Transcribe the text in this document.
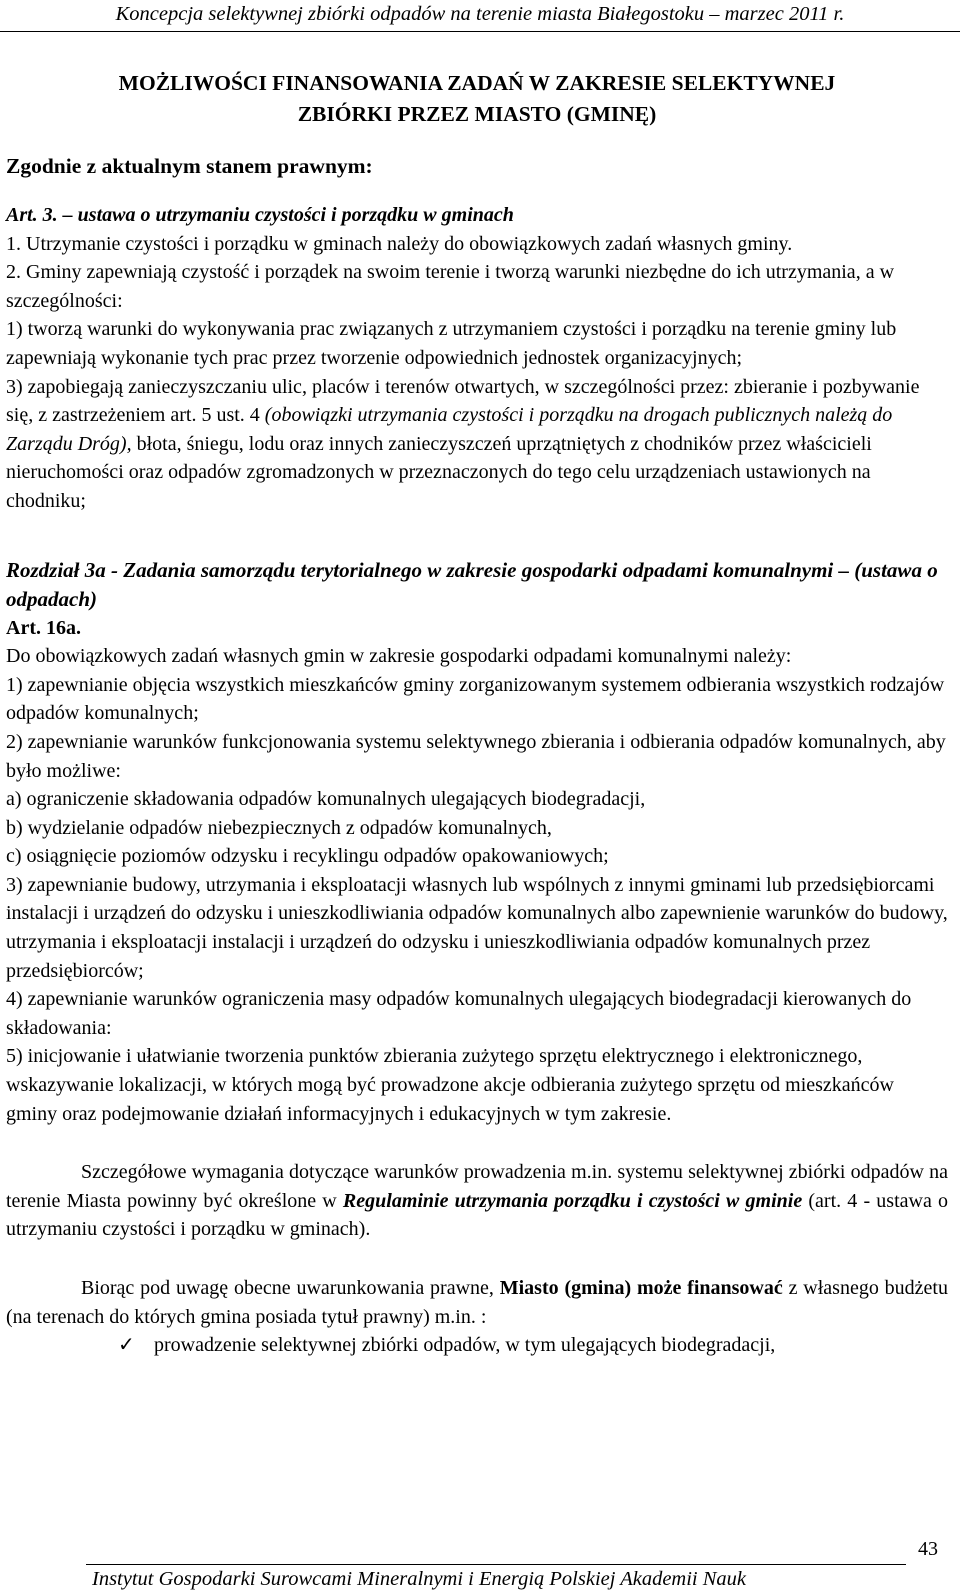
Koncepcja selektywnej zbiórki odpadów na terenie miasta Białegostoku – marzec 2011 r.

MOŻLIWOŚCI FINANSOWANIA ZADAŃ W ZAKRESIE SELEKTYWNEJ

ZBIÓRKI PRZEZ MIASTO (GMINĘ)

Zgodnie z aktualnym stanem prawnym:

Art. 3. – ustawa o utrzymaniu czystości i porządku w gminach

1. Utrzymanie czystości i porządku w gminach należy do obowiązkowych zadań własnych gminy.

2. Gminy zapewniają czystość i porządek na swoim terenie i tworzą warunki niezbędne do ich utrzymania, a w szczególności:

1) tworzą warunki do wykonywania prac związanych z utrzymaniem czystości i porządku na terenie gminy lub zapewniają wykonanie tych prac przez tworzenie odpowiednich jednostek organizacyjnych;

3) zapobiegają zanieczyszczaniu ulic, placów i terenów otwartych, w szczególności przez: zbieranie i pozbywanie się, z zastrzeżeniem art. 5 ust. 4 (obowiązki utrzymania czystości i porządku na drogach publicznych należą do Zarządu Dróg), błota, śniegu, lodu oraz innych zanieczyszczeń uprzątniętych z chodników przez właścicieli nieruchomości oraz odpadów zgromadzonych w przeznaczonych do tego celu urządzeniach ustawionych na chodniku;

Rozdział 3a - Zadania samorządu terytorialnego w zakresie gospodarki odpadami komunalnymi – (ustawa o odpadach)

Art. 16a.

Do obowiązkowych zadań własnych gmin w zakresie gospodarki odpadami komunalnymi należy:

1) zapewnianie objęcia wszystkich mieszkańców gminy zorganizowanym systemem odbierania wszystkich rodzajów odpadów komunalnych;

2) zapewnianie warunków funkcjonowania systemu selektywnego zbierania i odbierania odpadów komunalnych, aby było możliwe:

a) ograniczenie składowania odpadów komunalnych ulegających biodegradacji,

b) wydzielanie odpadów niebezpiecznych z odpadów komunalnych,

c) osiągnięcie poziomów odzysku i recyklingu odpadów opakowaniowych;

3) zapewnianie budowy, utrzymania i eksploatacji własnych lub wspólnych z innymi gminami lub przedsiębiorcami instalacji i urządzeń do odzysku i unieszkodliwiania odpadów komunalnych albo zapewnienie warunków do budowy, utrzymania i eksploatacji instalacji i urządzeń do odzysku i unieszkodliwiania odpadów komunalnych przez przedsiębiorców;

4) zapewnianie warunków ograniczenia masy odpadów komunalnych ulegających biodegradacji kierowanych do składowania:

5) inicjowanie i ułatwianie tworzenia punktów zbierania zużytego sprzętu elektrycznego i elektronicznego, wskazywanie lokalizacji, w których mogą być prowadzone akcje odbierania zużytego sprzętu od mieszkańców gminy oraz podejmowanie działań informacyjnych i edukacyjnych w tym zakresie.

Szczegółowe wymagania dotyczące warunków prowadzenia m.in. systemu selektywnej zbiórki odpadów na terenie Miasta powinny być określone w Regulaminie utrzymania porządku i czystości w gminie (art. 4 - ustawa o utrzymaniu czystości i porządku w gminach).

Biorąc pod uwagę obecne uwarunkowania prawne, Miasto (gmina) może finansować z własnego budżetu (na terenach do których gmina posiada tytuł prawny) m.in. :

✓ prowadzenie selektywnej zbiórki odpadów, w tym ulegających biodegradacji,
43
Instytut Gospodarki Surowcami Mineralnymi i Energią Polskiej Akademii Nauk
